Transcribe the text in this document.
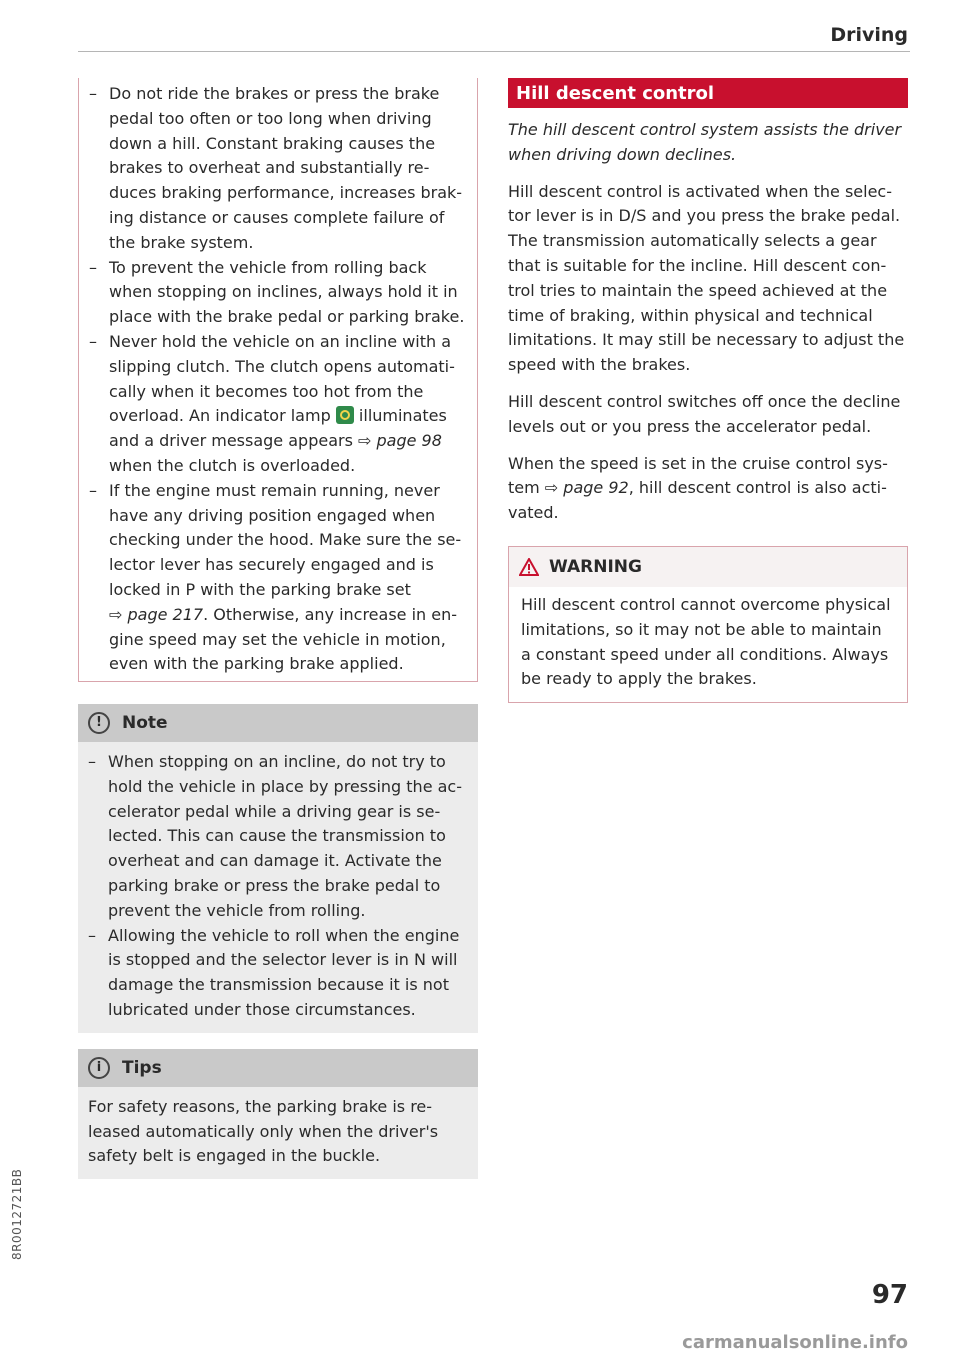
Driving
– Do not ride the brakes or press the brake
pedal too often or too long when driving
down a hill. Constant braking causes the
brakes to overheat and substantially re-
duces braking performance, increases brak-
ing distance or causes complete failure of
the brake system.
– To prevent the vehicle from rolling back
when stopping on inclines, always hold it in
place with the brake pedal or parking brake.
– Never hold the vehicle on an incline with a
slipping clutch. The clutch opens automati-
cally when it becomes too hot from the
overload. An indicator lamp illuminates
and a driver message appears ⇨ page 98
when the clutch is overloaded.
– If the engine must remain running, never
have any driving position engaged when
checking under the hood. Make sure the se-
lector lever has securely engaged and is
locked in P with the parking brake set
⇨ page 217. Otherwise, any increase in en-
gine speed may set the vehicle in motion,
even with the parking brake applied.
!	Note
– When stopping on an incline, do not try to
hold the vehicle in place by pressing the ac-
celerator pedal while a driving gear is se-
lected. This can cause the transmission to
overheat and can damage it. Activate the
parking brake or press the brake pedal to
prevent the vehicle from rolling.
– Allowing the vehicle to roll when the engine
is stopped and the selector lever is in N will
damage the transmission because it is not
lubricated under those circumstances.
i	Tips

For safety reasons, the parking brake is re-
leased automatically only when the driver's
safety belt is engaged in the buckle.

Hill descent control

The hill descent control system assists the driver
when driving down declines.

Hill descent control is activated when the selec-
tor lever is in D/S and you press the brake pedal.
The transmission automatically selects a gear
that is suitable for the incline. Hill descent con-
trol tries to maintain the speed achieved at the
time of braking, within physical and technical
limitations. It may still be necessary to adjust the
speed with the brakes.

Hill descent control switches off once the decline
levels out or you press the accelerator pedal.

When the speed is set in the cruise control sys-
tem ⇨ page 92, hill descent control is also acti-
vated.

WARNING

Hill descent control cannot overcome physical
limitations, so it may not be able to maintain
a constant speed under all conditions. Always
be ready to apply the brakes.

8R0012721BB
97
carmanualsonline.info
